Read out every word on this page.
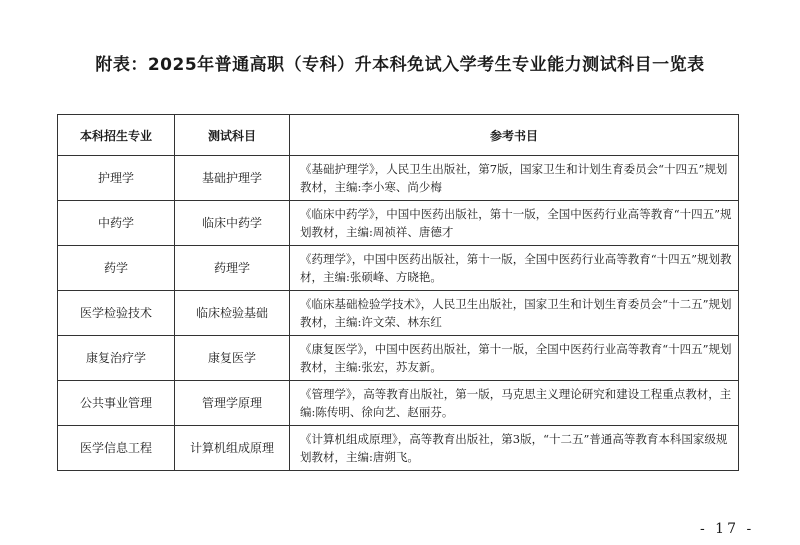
附表：2025年普通高职（专科）升本科免试入学考生专业能力测试科目一览表
本科招生专业	测试科目	参考书目
护理学	基础护理学	《基础护理学》，人民卫生出版社，第7版，国家卫生和计划生育委员会“十四五”规划教材，主编:李小寒、尚少梅
中药学	临床中药学	《临床中药学》，中国中医药出版社，第十一版，全国中医药行业高等教育“十四五”规划教材，主编:周祯祥、唐德才
药学	药理学	《药理学》，中国中医药出版社，第十一版，全国中医药行业高等教育“十四五”规划教材，主编:张硕峰、方晓艳。
医学检验技术	临床检验基础	《临床基础检验学技术》，人民卫生出版社，国家卫生和计划生育委员会“十二五”规划教材，主编:许文荣、林东红
康复治疗学	康复医学	《康复医学》，中国中医药出版社，第十一版，全国中医药行业高等教育“十四五”规划教材，主编:张宏，苏友新。
公共事业管理	管理学原理	《管理学》，高等教育出版社，第一版，马克思主义理论研究和建设工程重点教材，主编:陈传明、徐向艺、赵丽芬。
医学信息工程	计算机组成原理	《计算机组成原理》，高等教育出版社，第3版，“十二五”普通高等教育本科国家级规划教材，主编:唐朔飞。
- 17 -
